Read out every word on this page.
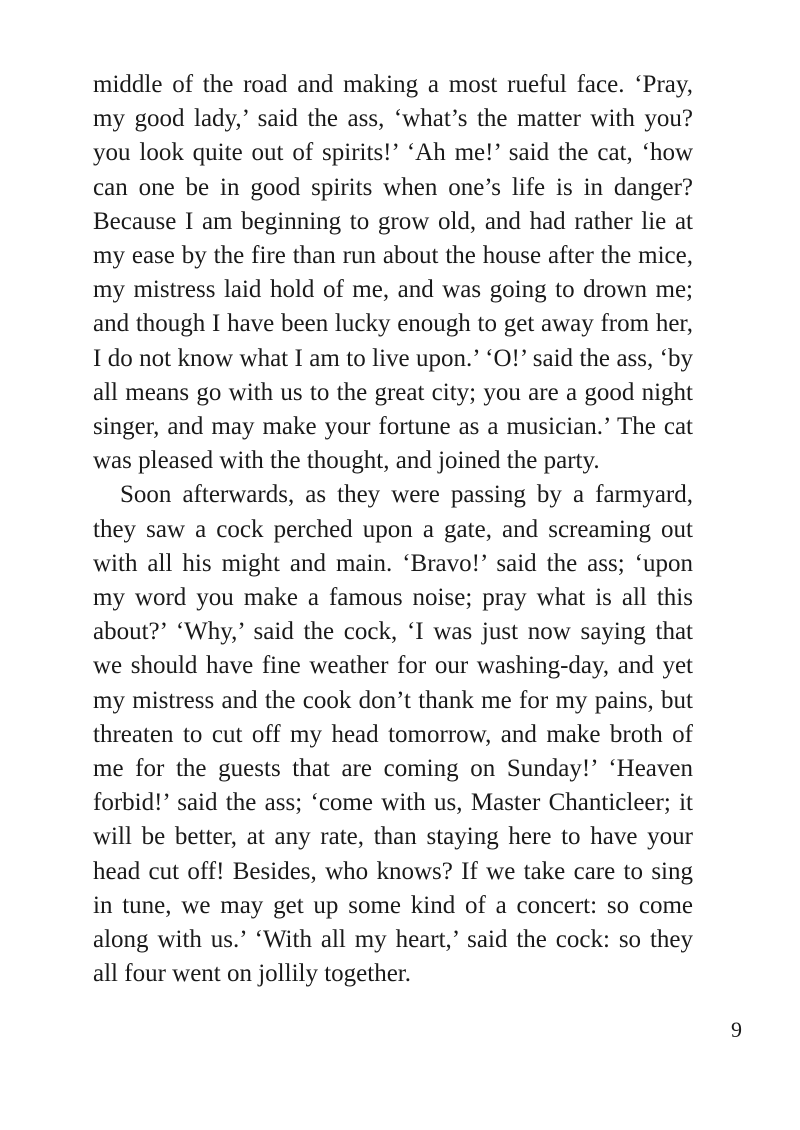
middle of the road and making a most rueful face. ‘Pray, my good lady,’ said the ass, ‘what’s the matter with you? you look quite out of spirits!’ ‘Ah me!’ said the cat, ‘how can one be in good spirits when one’s life is in danger? Because I am beginning to grow old, and had rather lie at my ease by the fire than run about the house after the mice, my mistress laid hold of me, and was going to drown me; and though I have been lucky enough to get away from her, I do not know what I am to live upon.’ ‘O!’ said the ass, ‘by all means go with us to the great city; you are a good night singer, and may make your fortune as a musician.’ The cat was pleased with the thought, and joined the party.

Soon afterwards, as they were passing by a farmyard, they saw a cock perched upon a gate, and screaming out with all his might and main. ‘Bravo!’ said the ass; ‘upon my word you make a famous noise; pray what is all this about?’ ‘Why,’ said the cock, ‘I was just now saying that we should have fine weather for our washing-day, and yet my mistress and the cook don’t thank me for my pains, but threaten to cut off my head tomorrow, and make broth of me for the guests that are coming on Sunday!’ ‘Heaven forbid!’ said the ass; ‘come with us, Master Chanticleer; it will be better, at any rate, than staying here to have your head cut off! Besides, who knows? If we take care to sing in tune, we may get up some kind of a concert: so come along with us.’ ‘With all my heart,’ said the cock: so they all four went on jollily together.

9
